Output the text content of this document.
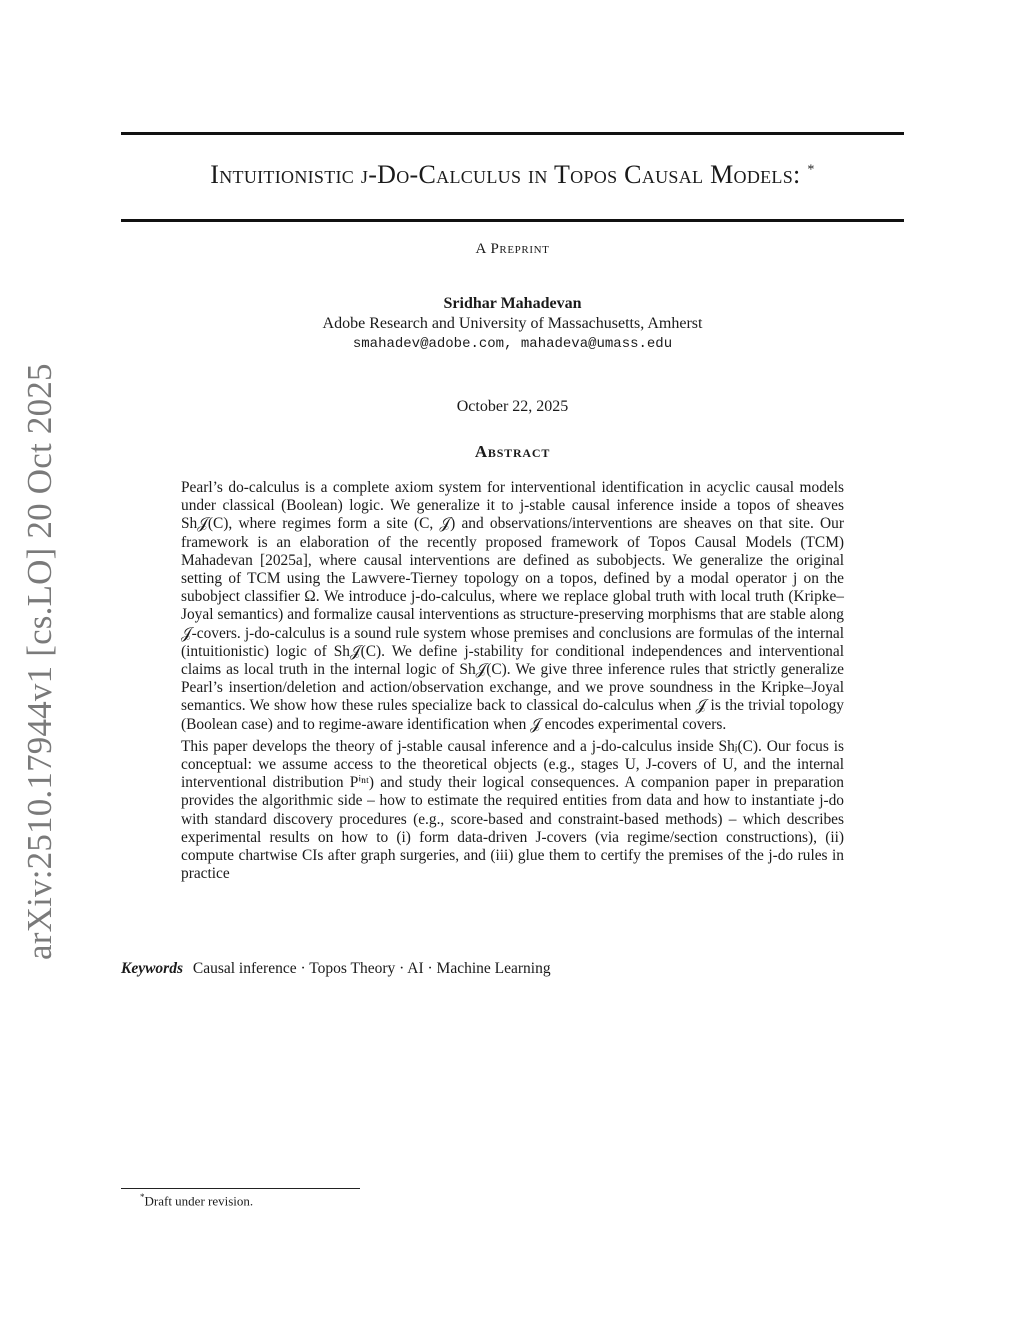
Intuitionistic j-Do-Calculus in Topos Causal Models: *
A Preprint
Sridhar Mahadevan
Adobe Research and University of Massachusetts, Amherst
smahadev@adobe.com, mahadeva@umass.edu
October 22, 2025
Abstract

Pearl’s do-calculus is a complete axiom system for interventional identification in acyclic causal models under classical (Boolean) logic. We generalize it to j-stable causal inference inside a topos of sheaves Sh𝒥(C), where regimes form a site (C, 𝒥) and observations/interventions are sheaves on that site. Our framework is an elaboration of the recently proposed framework of Topos Causal Models (TCM) Mahadevan [2025a], where causal interventions are defined as subobjects. We generalize the original setting of TCM using the Lawvere-Tierney topology on a topos, defined by a modal operator j on the subobject classifier Ω. We introduce j-do-calculus, where we replace global truth with local truth (Kripke–Joyal semantics) and formalize causal interventions as structure-preserving morphisms that are stable along 𝒥-covers. j-do-calculus is a sound rule system whose premises and conclusions are formulas of the internal (intuitionistic) logic of Sh𝒥(C). We define j-stability for conditional independences and interventional claims as local truth in the internal logic of Sh𝒥(C). We give three inference rules that strictly generalize Pearl’s insertion/deletion and action/observation exchange, and we prove soundness in the Kripke–Joyal semantics. We show how these rules specialize back to classical do-calculus when 𝒥 is the trivial topology (Boolean case) and to regime-aware identification when 𝒥 encodes experimental covers.

This paper develops the theory of j-stable causal inference and a j-do-calculus inside Shⱼ(C). Our focus is conceptual: we assume access to the theoretical objects (e.g., stages U, J-covers of U, and the internal interventional distribution Pⁱⁿᵗ) and study their logical consequences. A companion paper in preparation provides the algorithmic side – how to estimate the required entities from data and how to instantiate j-do with standard discovery procedures (e.g., score-based and constraint-based methods) – which describes experimental results on how to (i) form data-driven J-covers (via regime/section constructions), (ii) compute chartwise CIs after graph surgeries, and (iii) glue them to certify the premises of the j-do rules in practice

Keywords Causal inference · Topos Theory · AI · Machine Learning
*Draft under revision.
arXiv:2510.17944v1 [cs.LO] 20 Oct 2025
